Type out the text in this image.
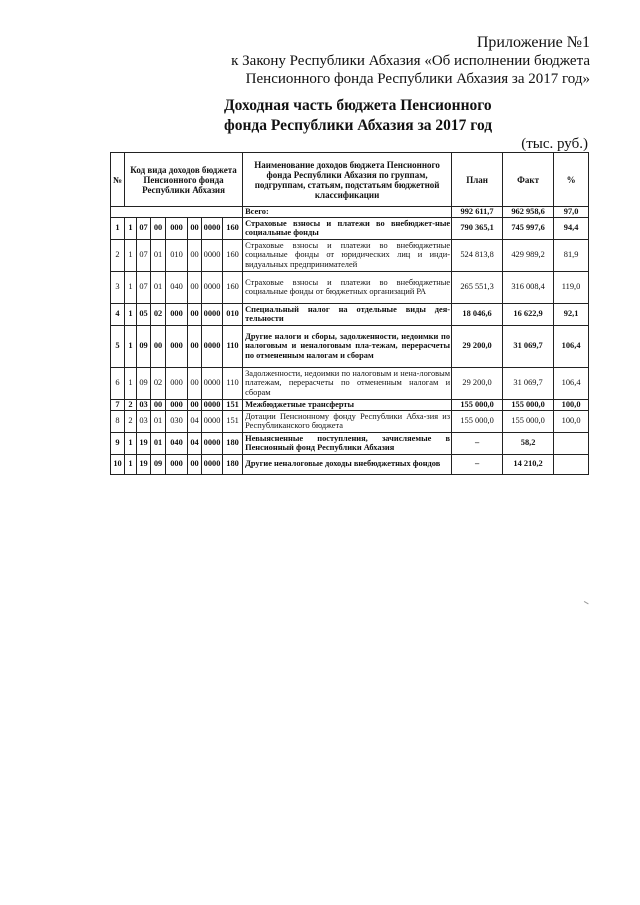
Приложение №1
к Закону Республики Абхазия «Об исполнении бюджета
Пенсионного фонда Республики Абхазия за 2017 год»
Доходная часть бюджета Пенсионного
фонда Республики Абхазия за 2017 год
(тыс. руб.)
№	Код вида доходов бюджета Пенсионного фонда Республики Абхазия							Наименование доходов бюджета Пенсионного фонда Республики Абхазия по группам, подгруппам, статьям, подстатьям бюджетной классификации	План	Факт	%
								Всего:	992 611,7	962 958,6	97,0
1	1	07	00	000	00	0000	160	Страховые взносы и платежи во внебюджет-ные социальные фонды	790 365,1	745 997,6	94,4
2	1	07	01	010	00	0000	160	Страховые взносы и платежи во внебюджетные социальные фонды от юридических лиц и инди-видуальных предпринимателей	524 813,8	429 989,2	81,9
3	1	07	01	040	00	0000	160	Страховые взносы и платежи во внебюджетные социальные фонды от бюджетных организаций РА	265 551,3	316 008,4	119,0
4	1	05	02	000	00	0000	010	Специальный налог на отдельные виды дея-тельности	18 046,6	16 622,9	92,1
5	1	09	00	000	00	0000	110	Другие налоги и сборы, задолженности, недоимки по налоговым и неналоговым пла-тежам, перерасчеты по отмененным налогам и сборам	29 200,0	31 069,7	106,4
6	1	09	02	000	00	0000	110	Задолженности, недоимки по налоговым и нена-логовым платежам, перерасчеты по отмененным налогам и сборам	29 200,0	31 069,7	106,4
7	2	03	00	000	00	0000	151	Межбюджетные трансферты	155 000,0	155 000,0	100,0
8	2	03	01	030	04	0000	151	Дотации Пенсионному фонду Республики Абха-зия из Республиканского бюджета	155 000,0	155 000,0	100,0
9	1	19	01	040	04	0000	180	Невыясненные поступления, зачисляемые в Пенсионный фонд Республики Абхазия	–	58,2	
10	1	19	09	000	00	0000	180	Другие неналоговые доходы внебюджетных фондов	–	14 210,2	
